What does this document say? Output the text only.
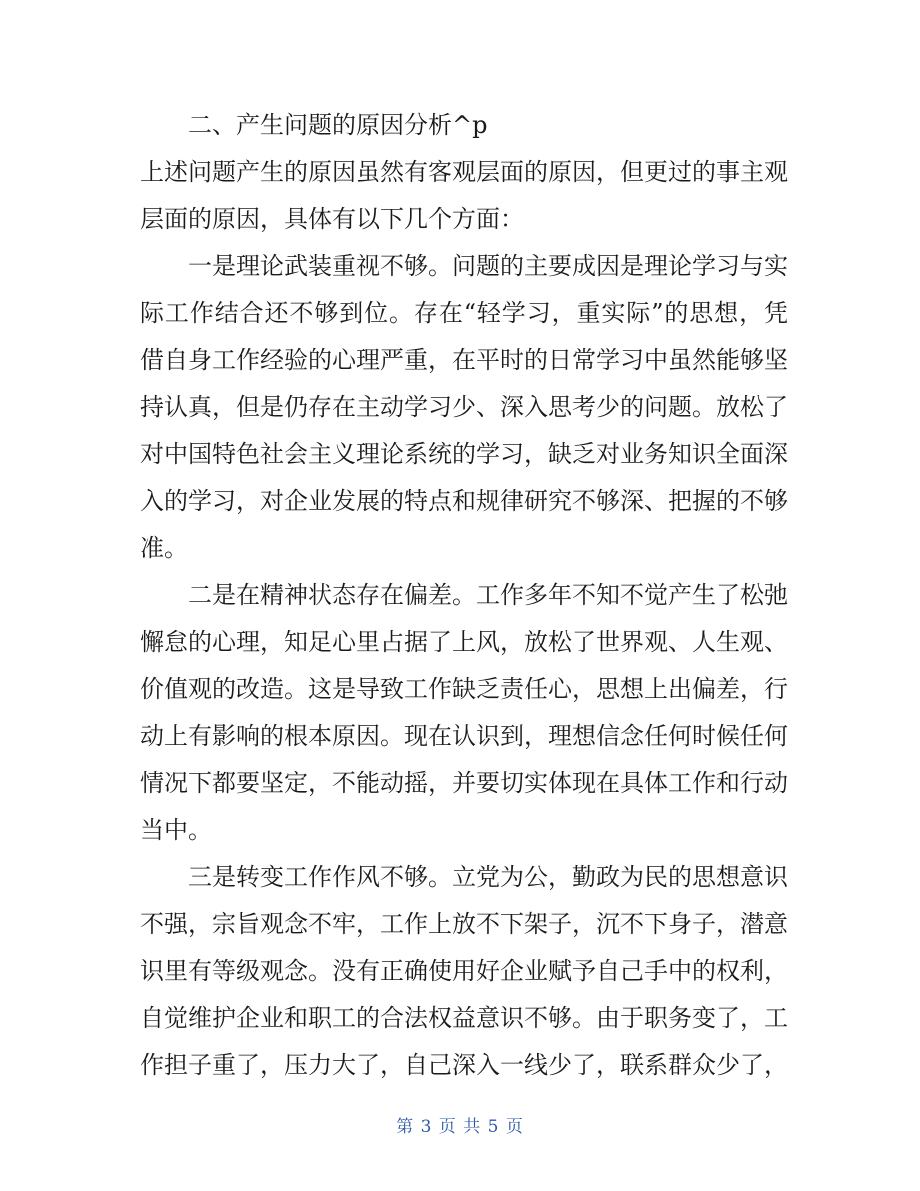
二、产生问题的原因分析^p
上述问题产生的原因虽然有客观层面的原因，但更过的事主观
层面的原因，具体有以下几个方面：
一是理论武装重视不够。问题的主要成因是理论学习与实
际工作结合还不够到位。存在“轻学习，重实际”的思想，凭
借自身工作经验的心理严重，在平时的日常学习中虽然能够坚
持认真，但是仍存在主动学习少、深入思考少的问题。放松了
对中国特色社会主义理论系统的学习，缺乏对业务知识全面深
入的学习，对企业发展的特点和规律研究不够深、把握的不够
准。
二是在精神状态存在偏差。工作多年不知不觉产生了松弛
懈怠的心理，知足心里占据了上风，放松了世界观、人生观、
价值观的改造。这是导致工作缺乏责任心，思想上出偏差，行
动上有影响的根本原因。现在认识到，理想信念任何时候任何
情况下都要坚定，不能动摇，并要切实体现在具体工作和行动
当中。
三是转变工作作风不够。立党为公，勤政为民的思想意识
不强，宗旨观念不牢，工作上放不下架子，沉不下身子，潜意
识里有等级观念。没有正确使用好企业赋予自己手中的权利，
自觉维护企业和职工的合法权益意识不够。由于职务变了，工
作担子重了，压力大了，自己深入一线少了，联系群众少了，
第 3 页 共 5 页
